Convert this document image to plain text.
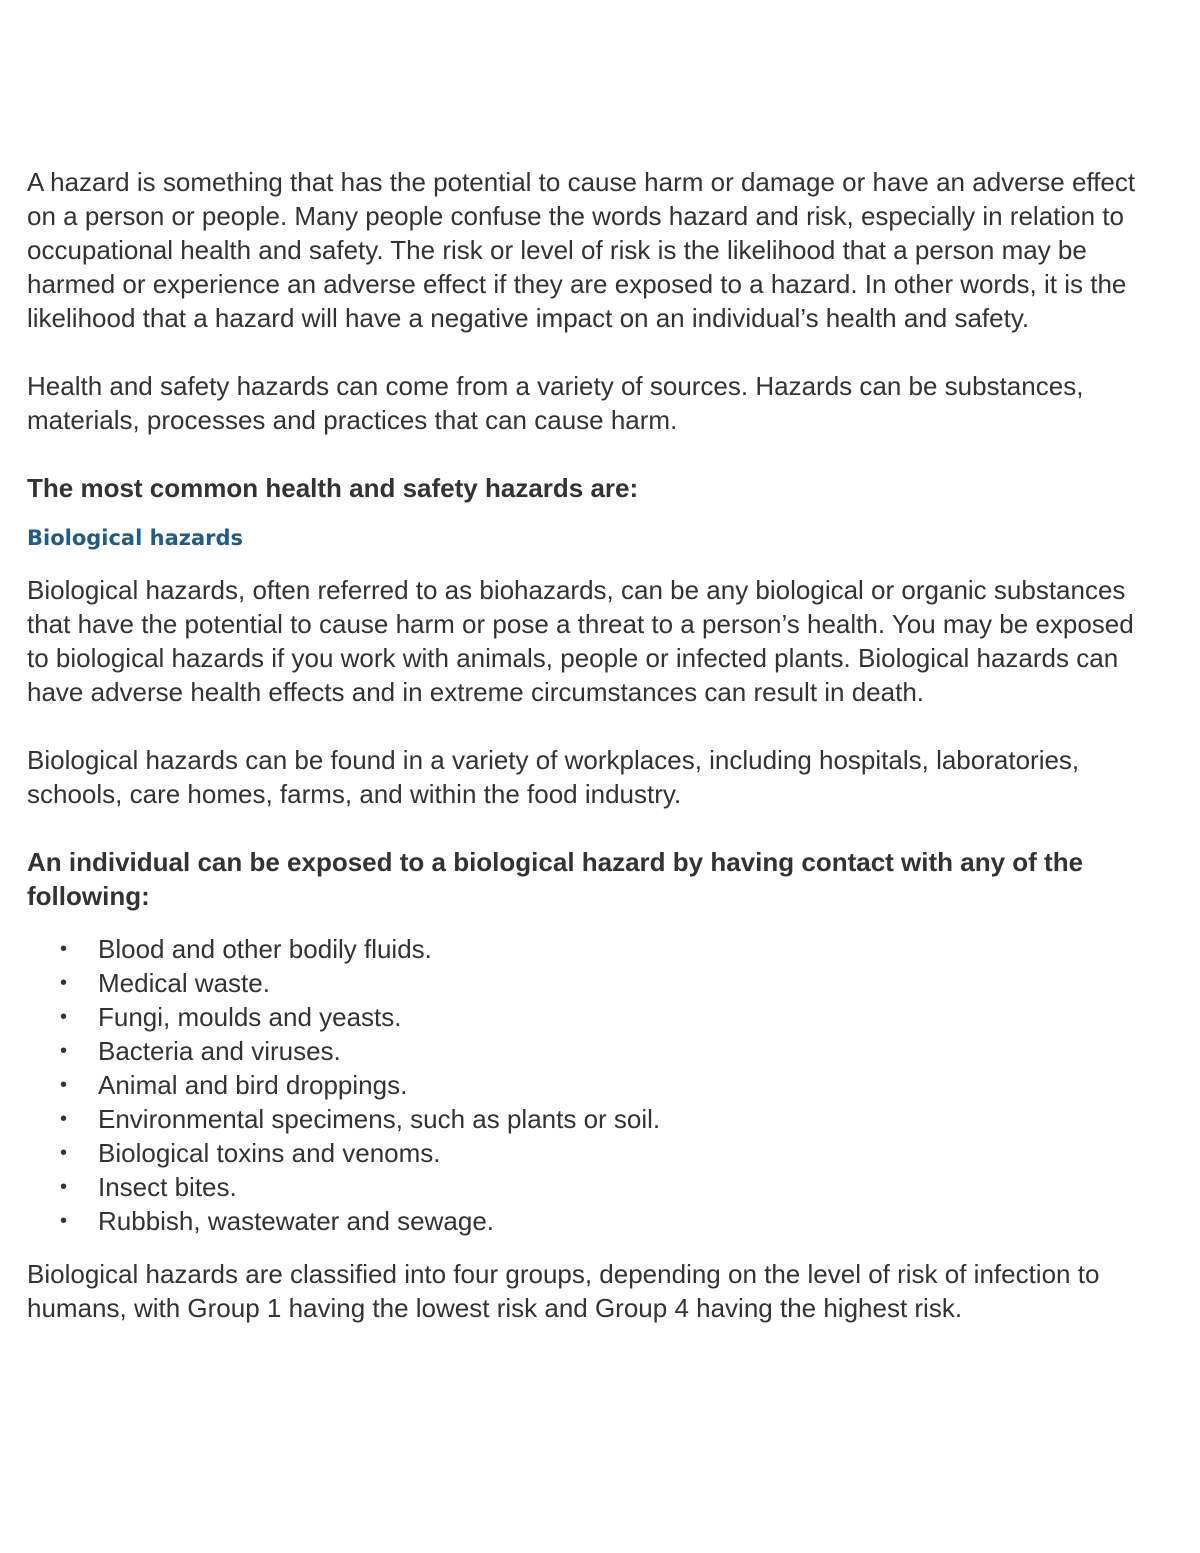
A hazard is something that has the potential to cause harm or damage or have an adverse effect on a person or people. Many people confuse the words hazard and risk, especially in relation to occupational health and safety. The risk or level of risk is the likelihood that a person may be harmed or experience an adverse effect if they are exposed to a hazard. In other words, it is the likelihood that a hazard will have a negative impact on an individual’s health and safety.

Health and safety hazards can come from a variety of sources. Hazards can be substances, materials, processes and practices that can cause harm.

The most common health and safety hazards are:

Biological hazards

Biological hazards, often referred to as biohazards, can be any biological or organic substances that have the potential to cause harm or pose a threat to a person’s health. You may be exposed to biological hazards if you work with animals, people or infected plants. Biological hazards can have adverse health effects and in extreme circumstances can result in death.

Biological hazards can be found in a variety of workplaces, including hospitals, laboratories, schools, care homes, farms, and within the food industry.

An individual can be exposed to a biological hazard by having contact with any of the following:

• Blood and other bodily fluids.
• Medical waste.
• Fungi, moulds and yeasts.
• Bacteria and viruses.
• Animal and bird droppings.
• Environmental specimens, such as plants or soil.
• Biological toxins and venoms.
• Insect bites.
• Rubbish, wastewater and sewage.

Biological hazards are classified into four groups, depending on the level of risk of infection to humans, with Group 1 having the lowest risk and Group 4 having the highest risk.
